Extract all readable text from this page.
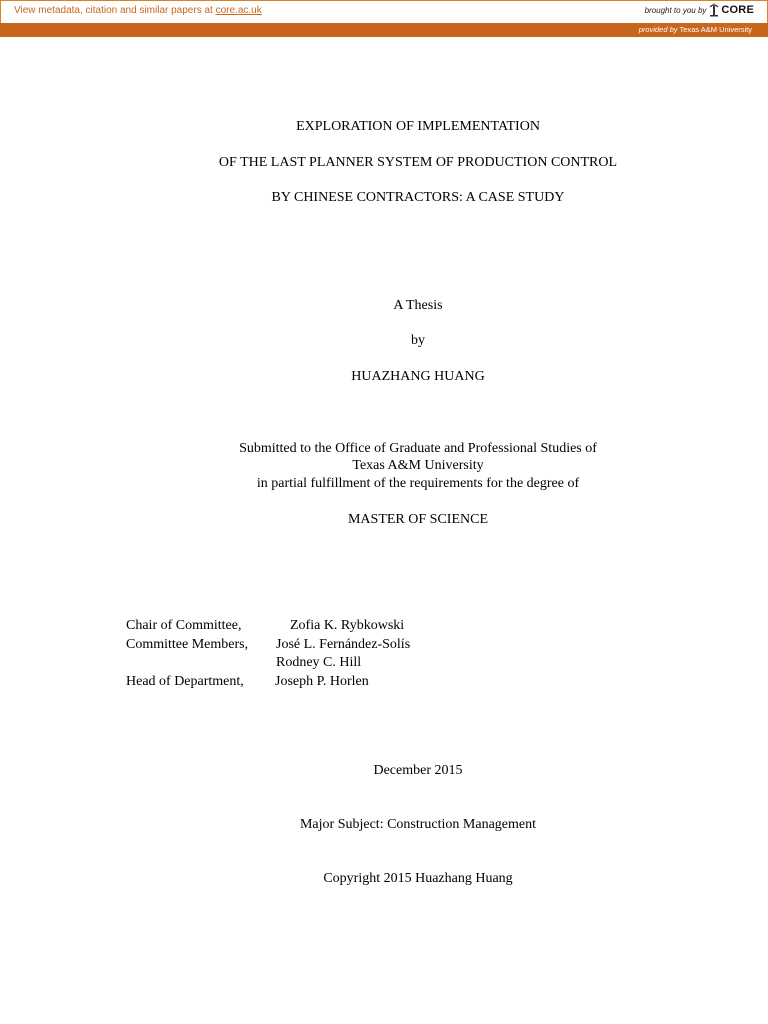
View metadata, citation and similar papers at core.ac.uk	brought to you by CORE
provided by Texas A&M University
EXPLORATION OF IMPLEMENTATION
OF THE LAST PLANNER SYSTEM OF PRODUCTION CONTROL
BY CHINESE CONTRACTORS: A CASE STUDY
A Thesis
by
HUAZHANG HUANG
Submitted to the Office of Graduate and Professional Studies of
Texas A&M University
in partial fulfillment of the requirements for the degree of
MASTER OF SCIENCE
Chair of Committee,	Zofia K. Rybkowski
Committee Members, José L. Fernández-Solís
Rodney C. Hill
Head of Department, Joseph P. Horlen
December 2015
Major Subject: Construction Management
Copyright 2015 Huazhang Huang
